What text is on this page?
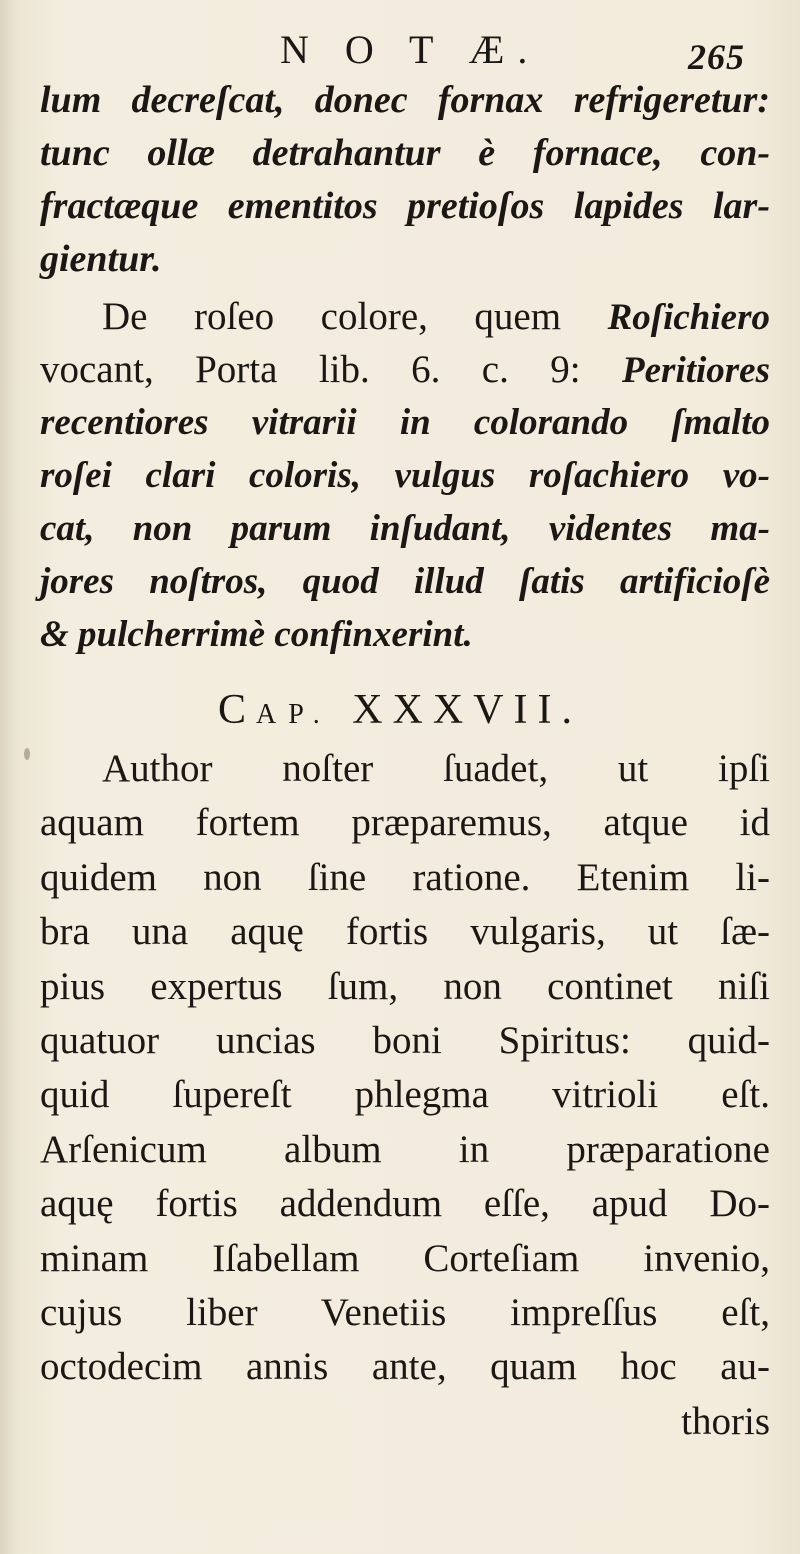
N O T Æ.	265
lum decreſcat, donec fornax refrigeretur:
tunc ollæ detrahantur è fornace, con-
fractæque ementitos pretioſos lapides lar-
gientur.
De roſeo colore, quem Roſichiero
vocant, Porta lib. 6. c. 9: Peritiores
recentiores vitrarii in colorando ſmalto
roſei clari coloris, vulgus roſachiero vo-
cat, non parum inſudant, videntes ma-
jores noſtros, quod illud ſatis artificioſè
& pulcherrimè confinxerint.
CAP. XXXVII.
Author noſter ſuadet, ut ipſi
aquam fortem præparemus, atque id
quidem non ſine ratione. Etenim li-
bra una aquę fortis vulgaris, ut ſæ-
pius expertus ſum, non continet niſi
quatuor uncias boni Spiritus: quid-
quid ſupereſt phlegma vitrioli eſt.
Arſenicum album in præparatione
aquę fortis addendum eſſe, apud Do-
minam Iſabellam Corteſiam invenio,
cujus liber Venetiis impreſſus eſt,
octodecim annis ante, quam hoc au-
thoris
